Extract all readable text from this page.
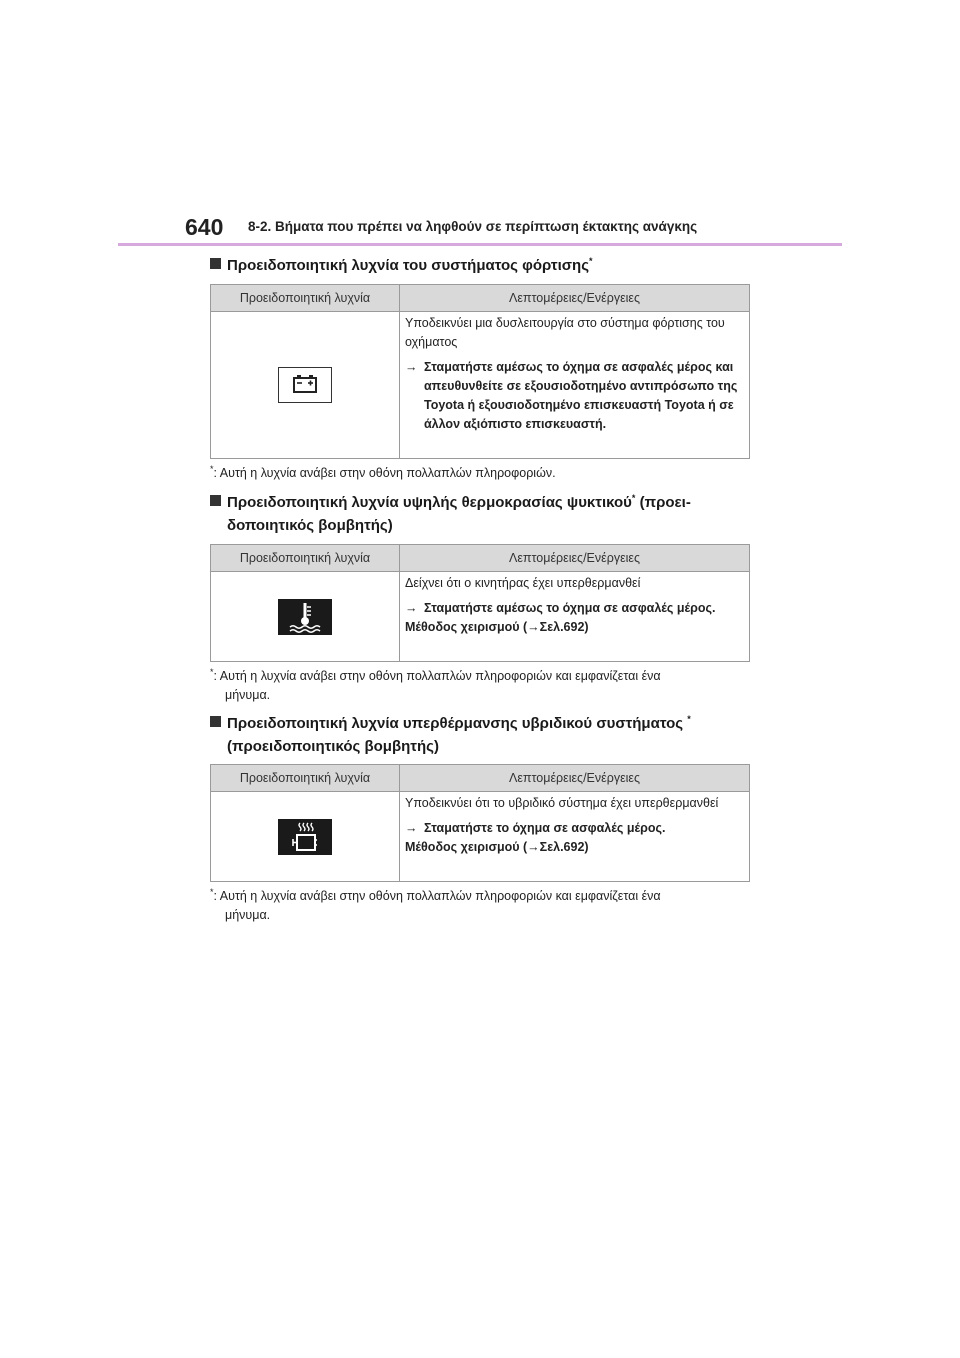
640 8-2. Βήματα που πρέπει να ληφθούν σε περίπτωση έκτακτης ανάγκης
Προειδοποιητική λυχνία του συστήματος φόρτισης*
Προειδοποιητική λυχνία	Λεπτομέρειες/Ενέργειες

Υποδεικνύει μια δυσλειτουργία στο σύστημα φόρτισης του οχήματος

→ Σταματήστε αμέσως το όχημα σε ασφαλές μέρος και απευθυνθείτε σε εξουσιοδοτημένο αντιπρόσωπο της Toyota ή εξουσιοδοτημένο επισκευαστή Toyota ή σε άλλον αξιόπιστο επισκευαστή.

*: Αυτή η λυχνία ανάβει στην οθόνη πολλαπλών πληροφοριών.
Προειδοποιητική λυχνία υψηλής θερμοκρασίας ψυκτικού* (προει-
δοποιητικός βομβητής)
Προειδοποιητική λυχνία	Λεπτομέρειες/Ενέργειες

Δείχνει ότι ο κινητήρας έχει υπερθερμανθεί

→ Σταματήστε αμέσως το όχημα σε ασφαλές μέρος.
Μέθοδος χειρισμού (→Σελ.692)

*: Αυτή η λυχνία ανάβει στην οθόνη πολλαπλών πληροφοριών και εμφανίζεται ένα
μήνυμα.
Προειδοποιητική λυχνία υπερθέρμανσης υβριδικού συστήματος *
(προειδοποιητικός βομβητής)
Προειδοποιητική λυχνία	Λεπτομέρειες/Ενέργειες

Υποδεικνύει ότι το υβριδικό σύστημα έχει υπερθερμανθεί

→ Σταματήστε το όχημα σε ασφαλές μέρος.
Μέθοδος χειρισμού (→Σελ.692)

*: Αυτή η λυχνία ανάβει στην οθόνη πολλαπλών πληροφοριών και εμφανίζεται ένα
μήνυμα.
